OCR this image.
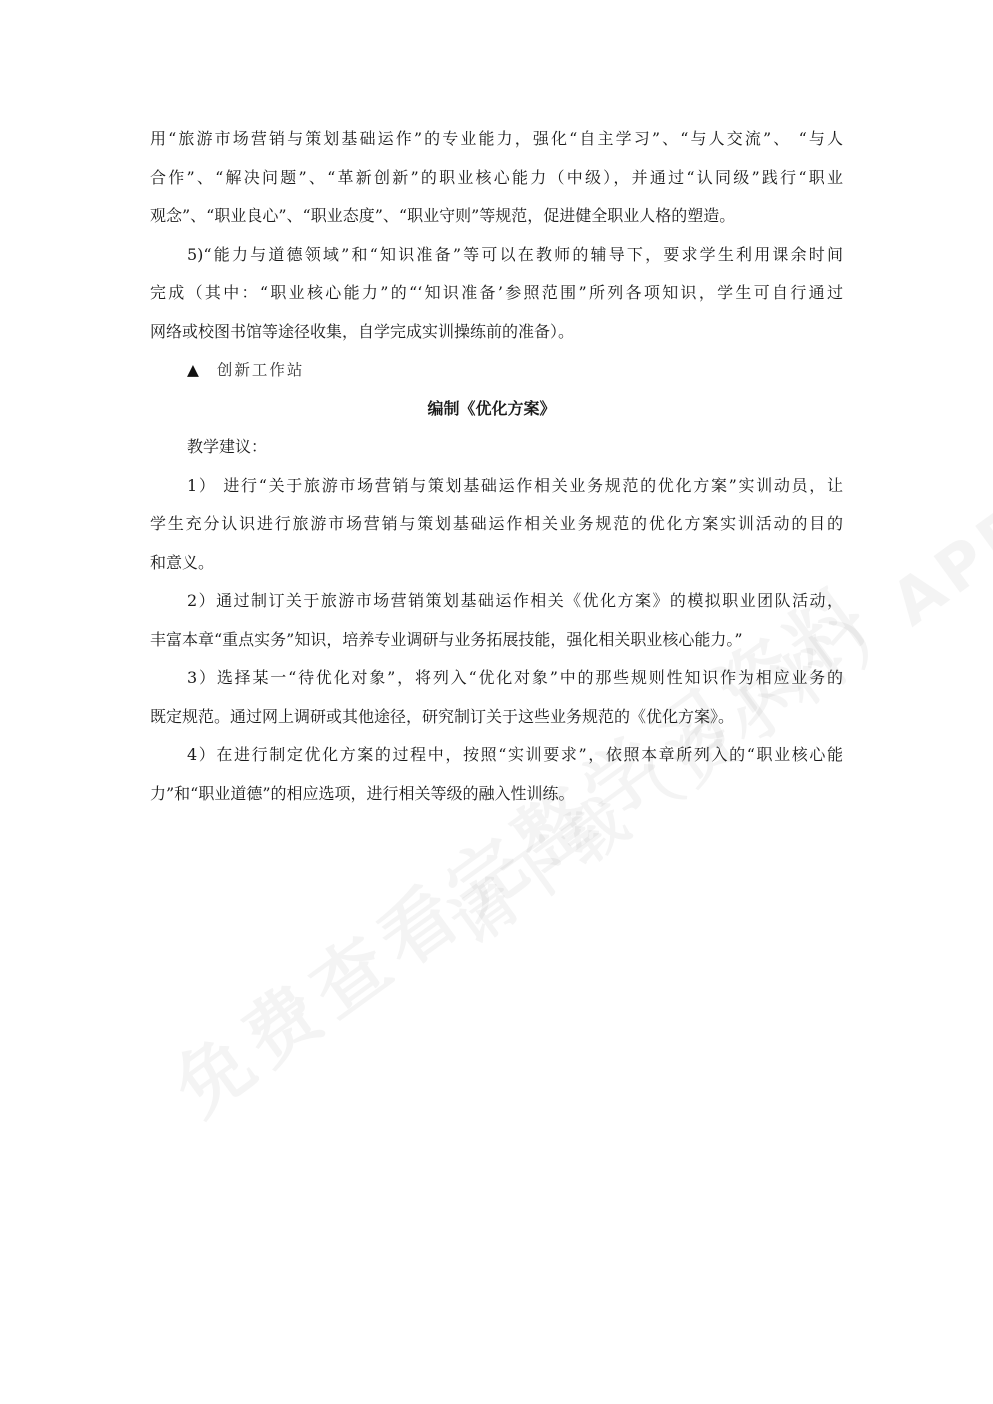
用“旅游市场营销与策划基础运作”的专业能力，强化“自主学习”、“与人交流”、 “与人
合作”、“解决问题”、“革新创新”的职业核心能力（中级），并通过“认同级”践行“职业
观念”、“职业良心”、“职业态度”、“职业守则”等规范，促进健全职业人格的塑造。
5)“能力与道德领域”和“知识准备”等可以在教师的辅导下，要求学生利用课余时间
完成（其中：“职业核心能力”的“‘知识准备’参照范围”所列各项知识，学生可自行通过
网络或校图书馆等途径收集，自学完成实训操练前的准备）。
▲ 创新工作站
编制《优化方案》
教学建议：
1） 进行“关于旅游市场营销与策划基础运作相关业务规范的优化方案”实训动员，让
学生充分认识进行旅游市场营销与策划基础运作相关业务规范的优化方案实训活动的目的
和意义。
2）通过制订关于旅游市场营销策划基础运作相关《优化方案》的模拟职业团队活动，
丰富本章“重点实务”知识，培养专业调研与业务拓展技能，强化相关职业核心能力。”
3）选择某一“待优化对象”，将列入“优化对象”中的那些规则性知识作为相应业务的
既定规范。通过网上调研或其他途径，研究制订关于这些业务规范的《优化方案》。
4）在进行制定优化方案的过程中，按照“实训要求”，依照本章所列入的“职业核心能
力”和“职业道德”的相应选项，进行相关等级的融入性训练。
